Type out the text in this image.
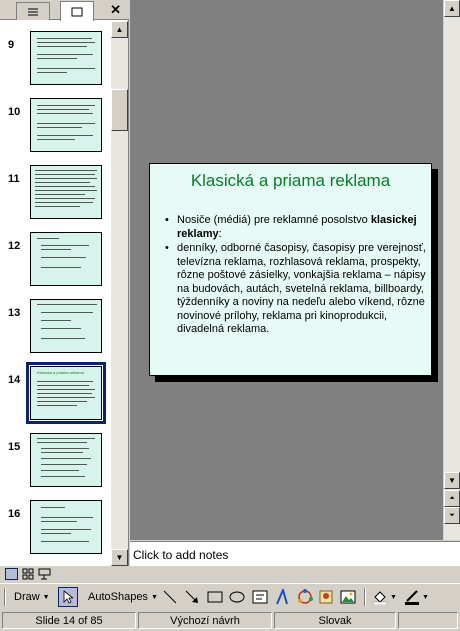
✕
9
10
11
12
13
14
Klasická a priama reklama
15
16
▲
▼
Klasická a priama reklama
• Nosiče (médiá) pre reklamné posolstvo klasickej reklamy:
• denníky, odborné časopisy, časopisy pre verejnosť, televízna reklama, rozhlasová reklama, prospekty, rôzne poštové zásielky, vonkajšia reklama – nápisy na budovách, autách, svetelná reklama, billboardy, týždenníky a noviny na nedeľu alebo víkend, rôzne novinové prílohy, reklama pri kinoprodukcii, divadelná reklama.
▲
▼
⏶
⏷
Click to add notes
Draw ▼	AutoShapes ▼	▼	▼
Slide 14 of 85	Výchozí návrh	Slovak
